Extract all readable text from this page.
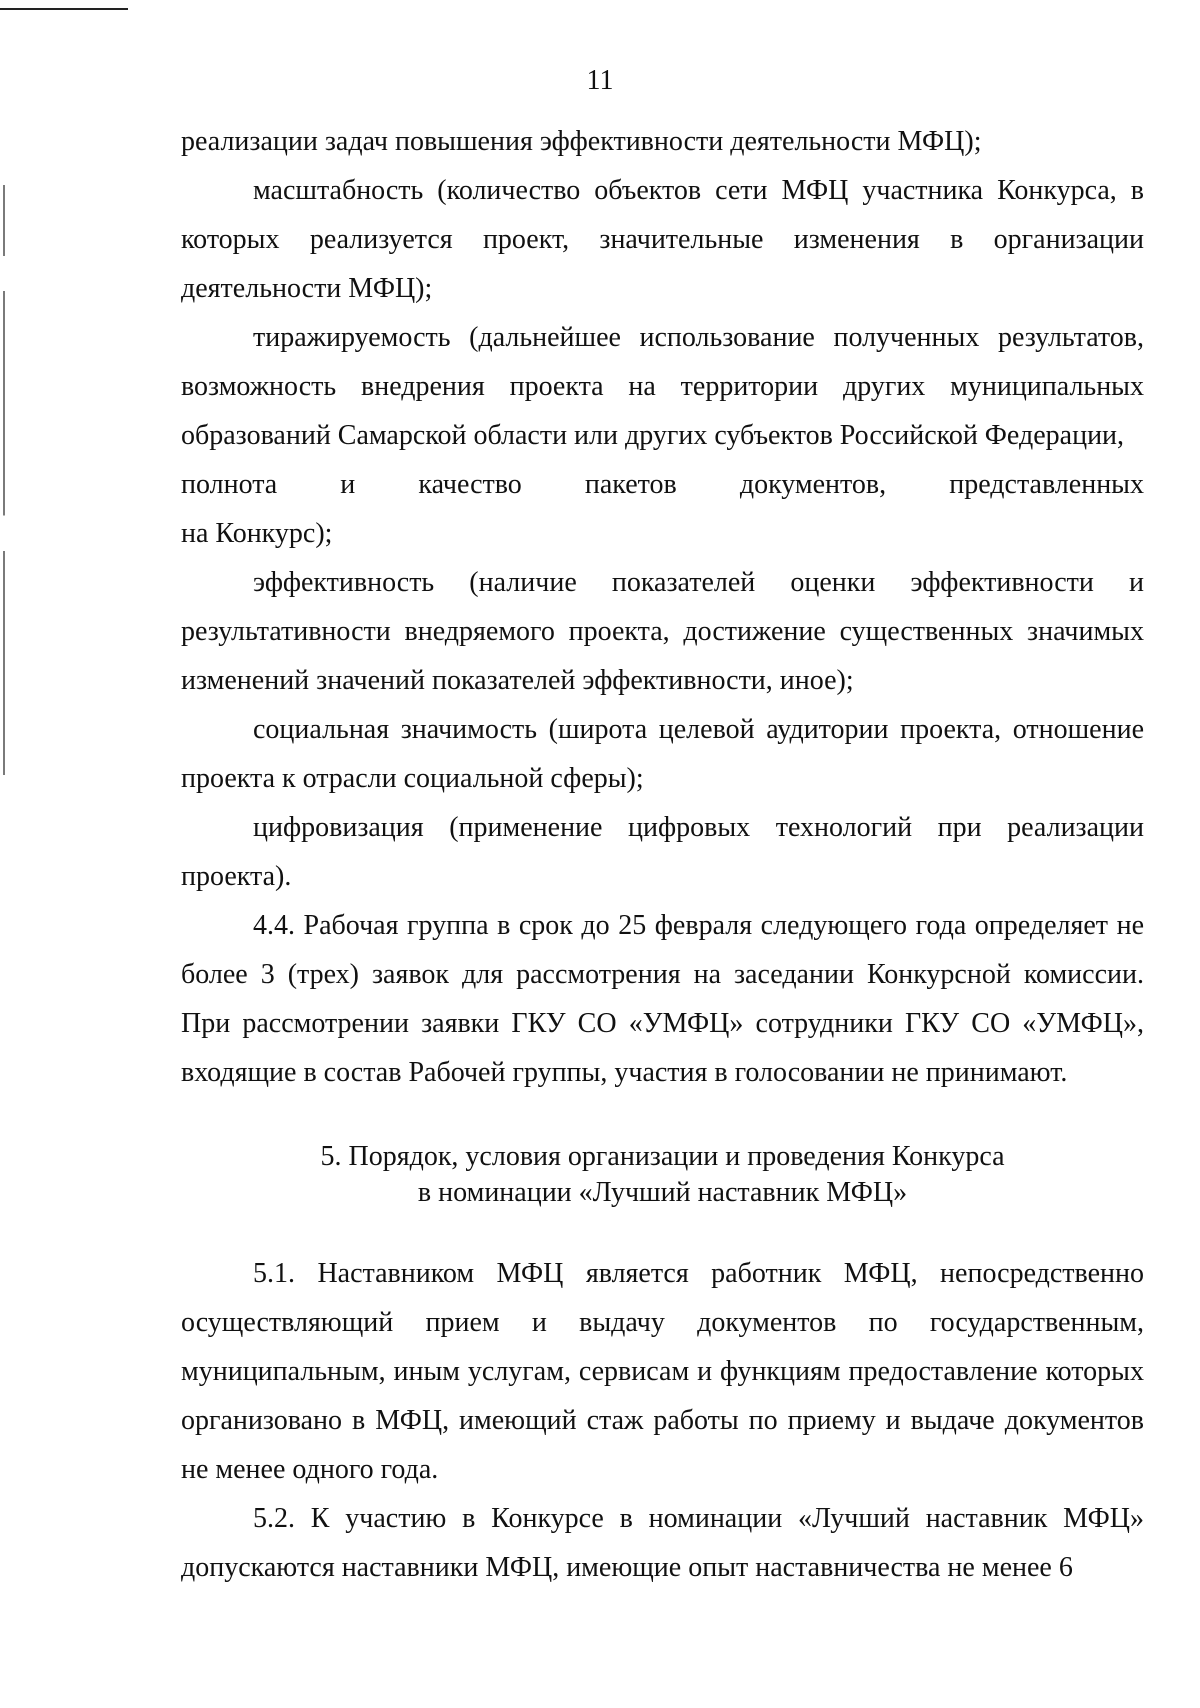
11

реализации задач повышения эффективности деятельности МФЦ);

масштабность (количество объектов сети МФЦ участника Конкурса, в которых реализуется проект, значительные изменения в организации деятельности МФЦ);

тиражируемость (дальнейшее использование полученных результатов, возможность внедрения проекта на территории других муниципальных образований Самарской области или других субъектов Российской Федерации,

полнота и качество пакетов документов, представленных

на Конкурс);

эффективность (наличие показателей оценки эффективности и результативности внедряемого проекта, достижение существенных значимых изменений значений показателей эффективности, иное);

социальная значимость (широта целевой аудитории проекта, отношение проекта к отрасли социальной сферы);

цифровизация (применение цифровых технологий при реализации проекта).

4.4. Рабочая группа в срок до 25 февраля следующего года определяет не более 3 (трех) заявок для рассмотрения на заседании Конкурсной комиссии. При рассмотрении заявки ГКУ СО «УМФЦ» сотрудники ГКУ СО «УМФЦ», входящие в состав Рабочей группы, участия в голосовании не принимают.

5. Порядок, условия организации и проведения Конкурса

в номинации «Лучший наставник МФЦ»

5.1. Наставником МФЦ является работник МФЦ, непосредственно осуществляющий прием и выдачу документов по государственным, муниципальным, иным услугам, сервисам и функциям предоставление которых организовано в МФЦ, имеющий стаж работы по приему и выдаче документов не менее одного года.

5.2. К участию в Конкурсе в номинации «Лучший наставник МФЦ» допускаются наставники МФЦ, имеющие опыт наставничества не менее 6
